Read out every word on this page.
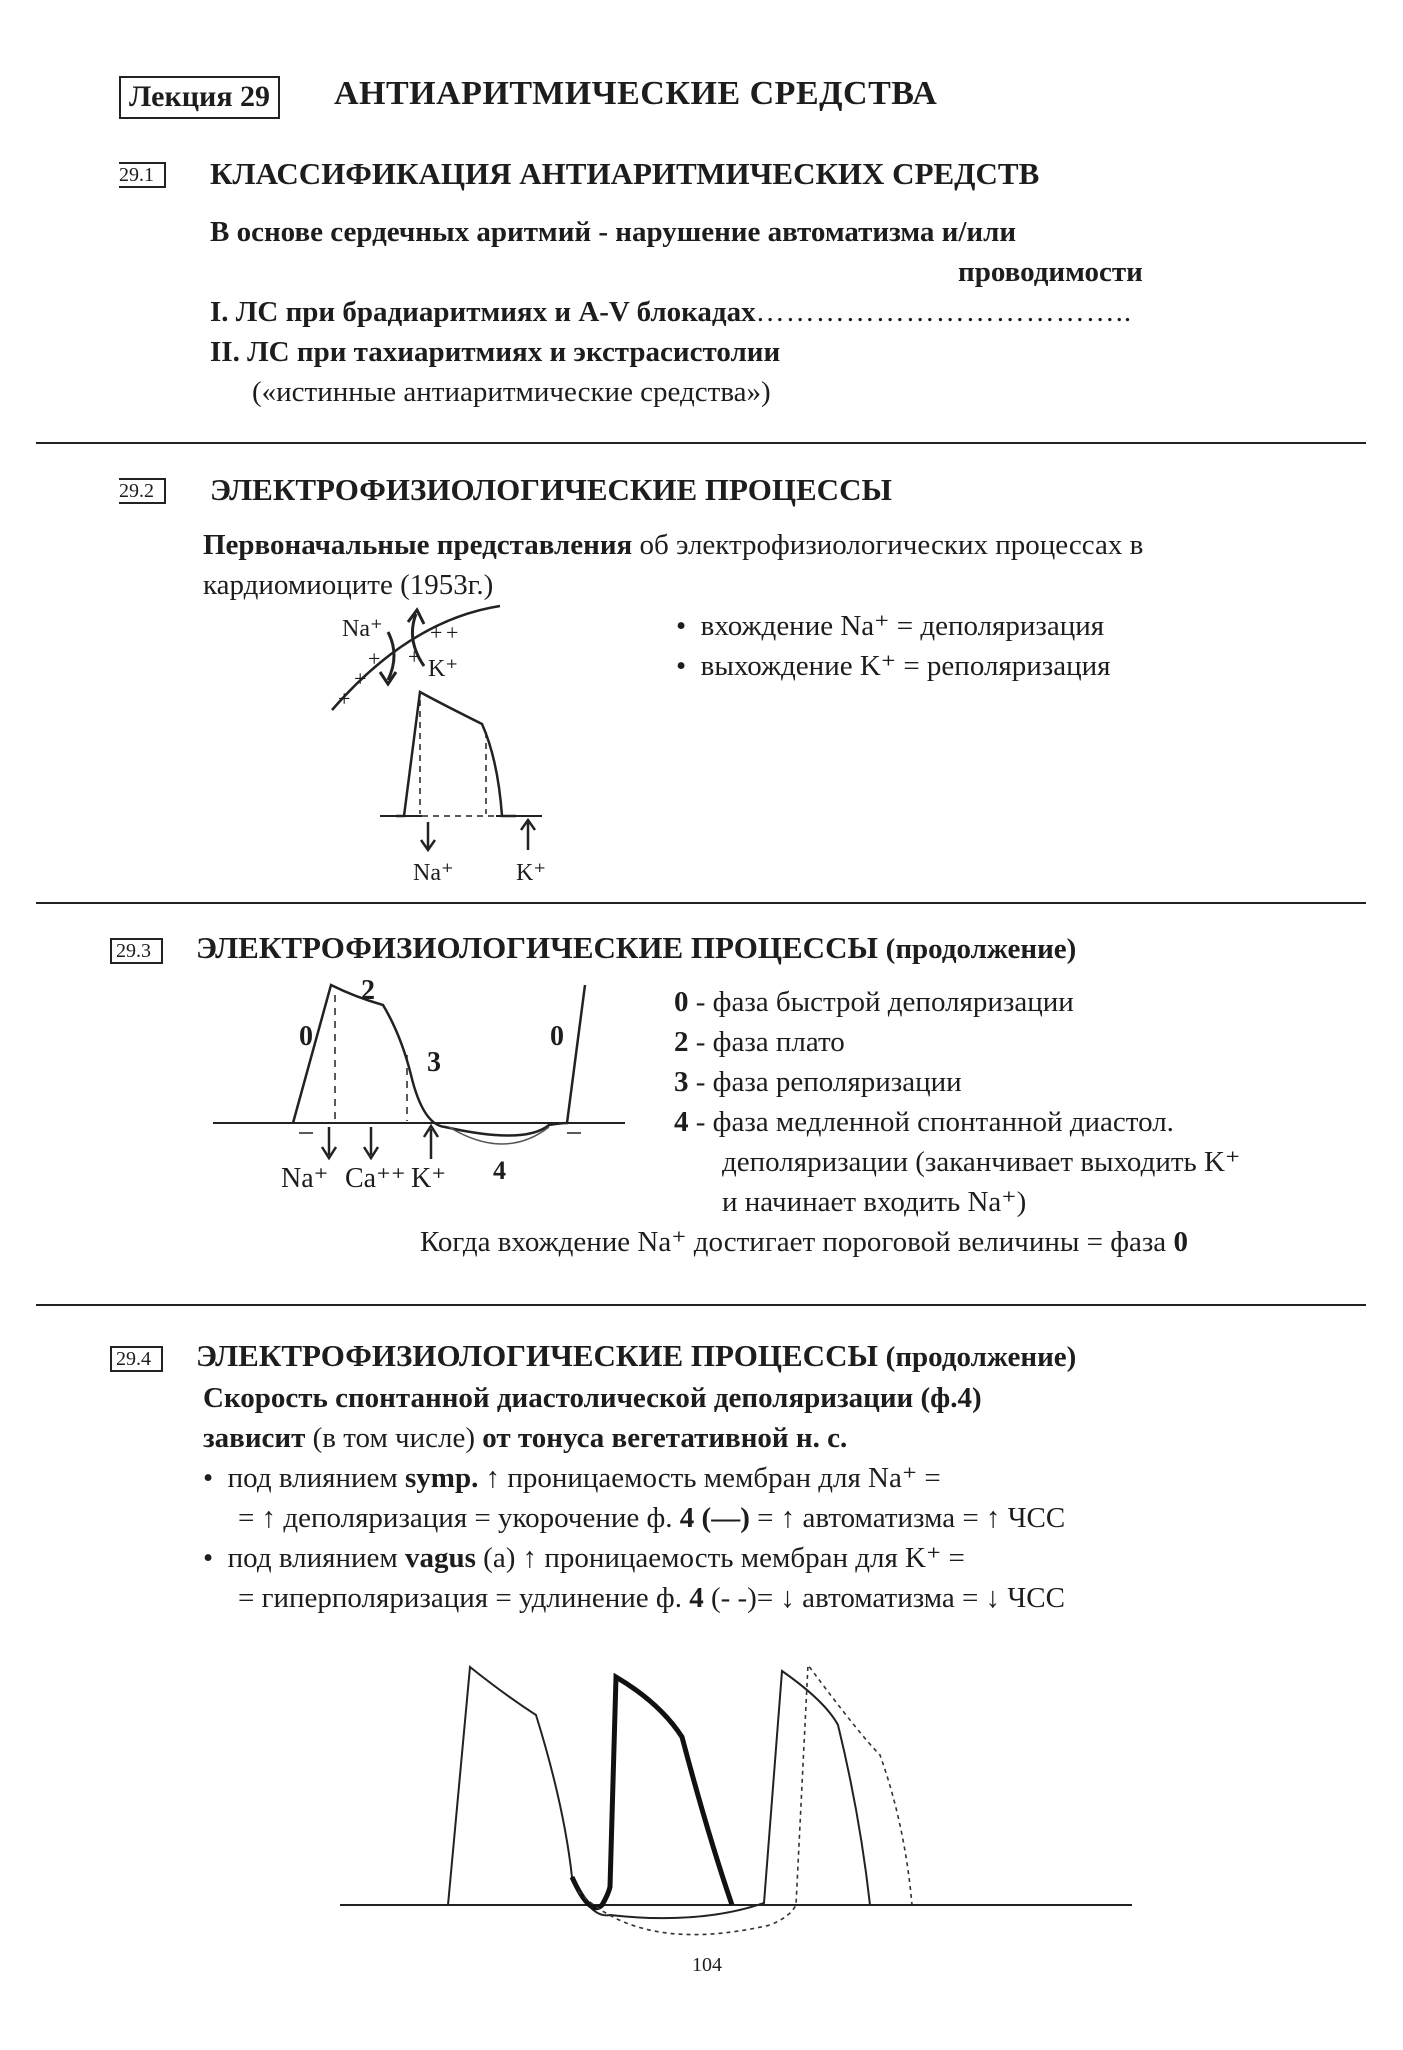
Лекция 29 АНТИАРИТМИЧЕСКИЕ СРЕДСТВА
29.1	КЛАССИФИКАЦИЯ АНТИАРИТМИЧЕСКИХ СРЕДСТВ
В основе сердечных аритмий - нарушение автоматизма и/или
проводимости
I. ЛС при брадиаритмиях и A-V блокадах………………………………..
II. ЛС при тахиаритмиях и экстрасистолии
(«истинные антиаритмические средства»)
29.2	ЭЛЕКТРОФИЗИОЛОГИЧЕСКИЕ ПРОЦЕССЫ
Первоначальные представления об электрофизиологических процессах в
кардиомиоците (1953г.)
•  вхождение Na⁺ = деполяризация
•  выхождение K⁺ = реполяризация
Na⁺
K⁺
+ +
+
+
+
+
Na⁺	K⁺
29.3	ЭЛЕКТРОФИЗИОЛОГИЧЕСКИЕ ПРОЦЕССЫ (продолжение)
0	0
2
3
4
Na⁺ Ca⁺⁺ K⁺
0 - фаза быстрой деполяризации
2 - фаза плато
3 - фаза реполяризации
4 - фаза медленной спонтанной диастол.
деполяризации (заканчивает выходить K⁺
и начинает входить Na⁺)
Когда вхождение Na⁺ достигает пороговой величины = фаза 0
29.4	ЭЛЕКТРОФИЗИОЛОГИЧЕСКИЕ ПРОЦЕССЫ (продолжение)
Скорость спонтанной диастолической деполяризации (ф.4)
зависит (в том числе) от тонуса вегетативной н. с.
•  под влиянием symp. ↑ проницаемость мембран для Na⁺ =
= ↑ деполяризация = укорочение ф. 4 (—) = ↑ автоматизма = ↑ ЧСС
•  под влиянием vagus (а) ↑ проницаемость мембран для K⁺ =
= гиперполяризация = удлинение ф. 4 (- -)= ↓ автоматизма = ↓ ЧСС
104
